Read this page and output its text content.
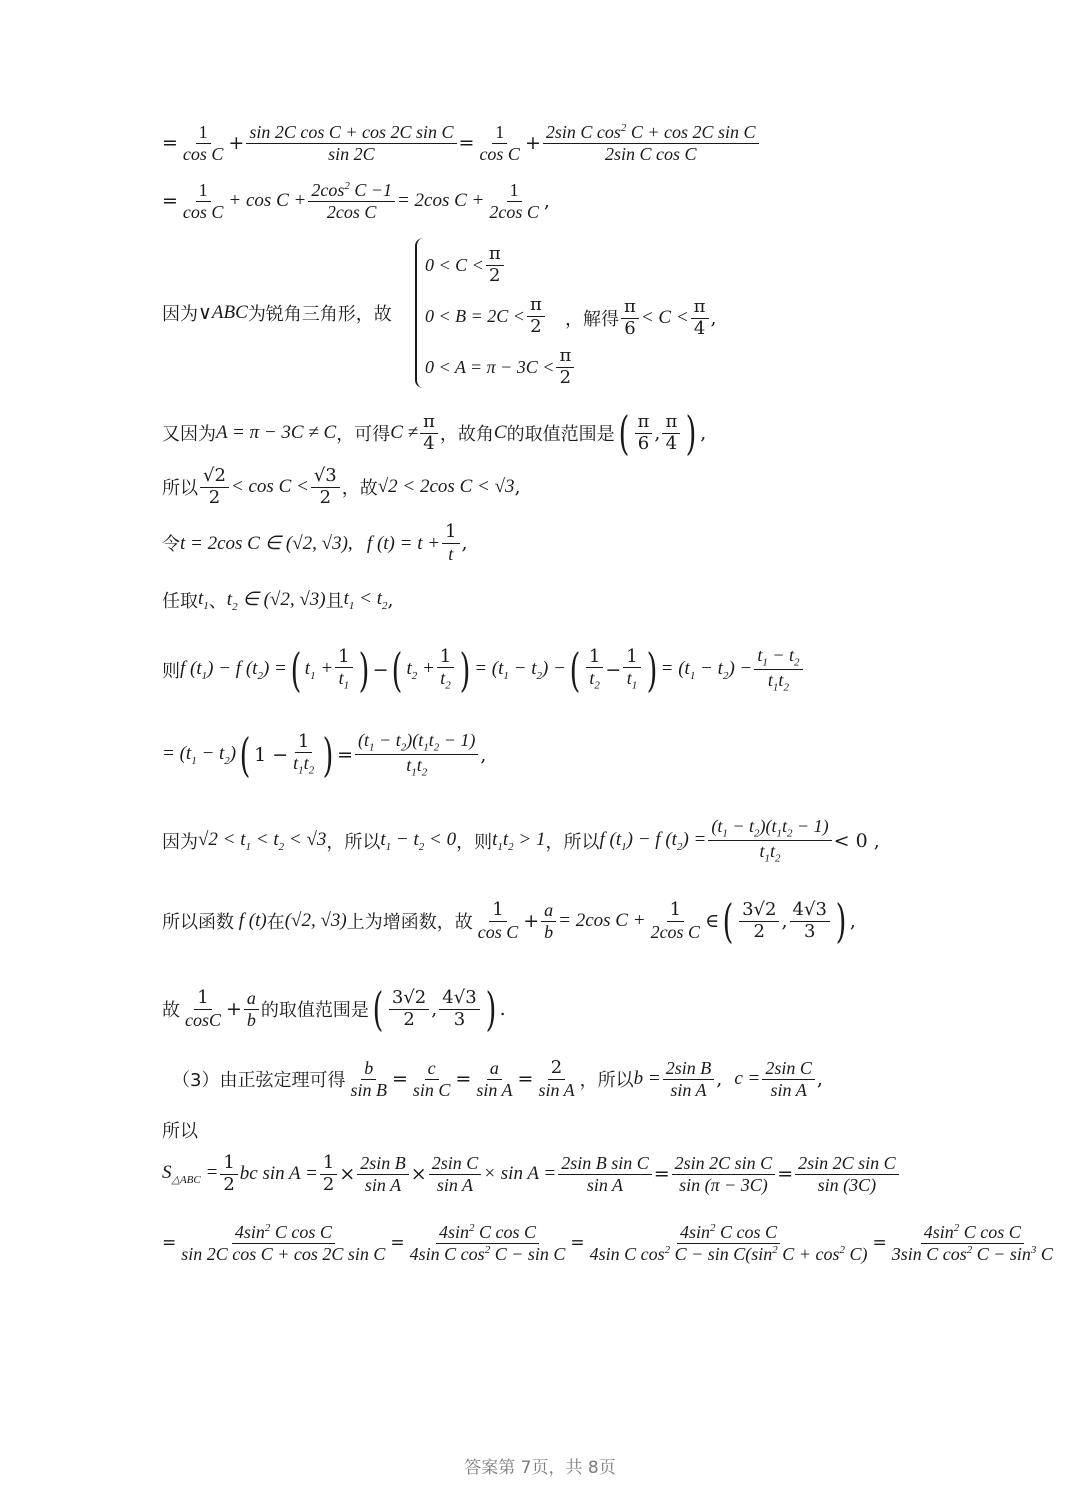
= $\frac{1}{\text{cos C}} + \frac{\text{sin 2C cos C + cos 2C sin C}}{\sin 2C} = \frac{1}{\text{cos C}} + \frac{2\sin C \cos^2 C + \cos 2C \sin C}{\text{2sin C cos C}}$
= $\frac{1}{\text{cos C}} + \cos C + \frac{2\cos^2 C -1}{\text{2cos C}} = 2\cos$ $C + \frac{1}{\text{2cos C}}$ ,
因为 ∨ ABC 为锐角三角形，故
$0 < C < \frac{\pi}{2}$
$0 < B = 2C < \frac{\pi}{2}$
$0 < A = \pi - 3C < \frac{\pi}{2}$
，解得 $\frac{\pi}{6} < C < \frac{\pi}{4}$ ,
又因为 A = π − 3C ≠ C ，可得 $C \ne \frac{\pi}{4}$ ，故角 C 的取值范围是 ( $\frac{\pi}{6}$ , $\frac{\pi}{4}$ ) ,
所以 $\frac{√2}{2} < \cos C < \frac{√3}{2}$ ，故 √2 < 2cos C < √3 ,
令 t = 2cos C ∈ (√2, √3),   f $(t) = t + \frac{1}{t}$ ,
任取 $t_1$ 、 $t_2$ ∈ (√2, √3) 且 $t_1 < t_2$ ,
则 f $(t_1) - f$ $(t_2)$ = ( $t_1 + \frac{1}{t_1}$ ) − ( $t_2 + \frac{1}{t_2}$ ) = $(t_1 - t_2)$ − ( $\frac{1}{t_2} - \frac{1}{t_1}$ ) = $(t_1 - t_2) - \frac{t_1 - t_2}{t_1t_2}$
= $(t_1 - t_2)$ ( $1 - \frac{1}{t_1t_2}$ ) = $\frac{(t_1 - t_2)(t_1t_2 - 1)}{t_1t_2}$ ,
因为 $√2 < t_1 < t_2 < √3$ ，所以 $t_1 - t_2 < 0$ ，则 $t_1t_2 > 1$ ，所以 f $(t_1) - f$ $(t_2) = \frac{(t_1 - t_2)(t_1t_2 - 1)}{t_1t_2} < 0$ ,
所以函数 f (t) 在 (√2, √3) 上为增函数，故 $\frac{1}{\text{cos C}} + \frac{a}{b} = 2\cos$ $C + \frac{1}{\text{2cos C}}$ ∈ ( $\frac{3√2}{2}$ , $\frac{4√3}{3}$ ) ,
故 $\frac{1}{\cos C} + \frac{a}{b}$ 的取值范围是 ( $\frac{3√2}{2}$ , $\frac{4√3}{3}$ ) .
（3）由正弦定理可得 $\frac{b}{\text{sin B}} = \frac{c}{\text{sin C}} = \frac{a}{\text{sin A}} = \frac{2}{\text{sin A}}$ ，所以 $b = \frac{\text{2sin B}}{\text{sin A}}$ , $c = \frac{\text{2sin C}}{\text{sin A}}$ ,
所以
$S_{\triangle ABC} = \frac{1}{2}$ bc $\sin A = \frac{1}{2} \times \frac{\text{2sin B}}{\text{sin A}} \times \frac{\text{2sin C}}{\text{sin A}} \times \sin A = \frac{\text{2sin B sin C}}{\text{sin A}} = \frac{\text{2sin 2C sin C}}{\sin (\pi - 3C)} = \frac{\text{2sin 2C sin C}}{\sin (3C)}$
= $\frac{4\sin^2 C \cos C}{\text{sin 2C cos C + cos 2C sin C}} = \frac{4\sin^2 C \cos C}{4\sin C \cos^2 C - \sin C} = \frac{4\sin^2 C \cos C}{4\sin C \cos^2 C - \sin C(\sin^2 C + \cos^2 C)} = \frac{4\sin^2 C \cos C}{3\sin C \cos^2 C - \sin^3 C}$
答案第 7页，共 8页
